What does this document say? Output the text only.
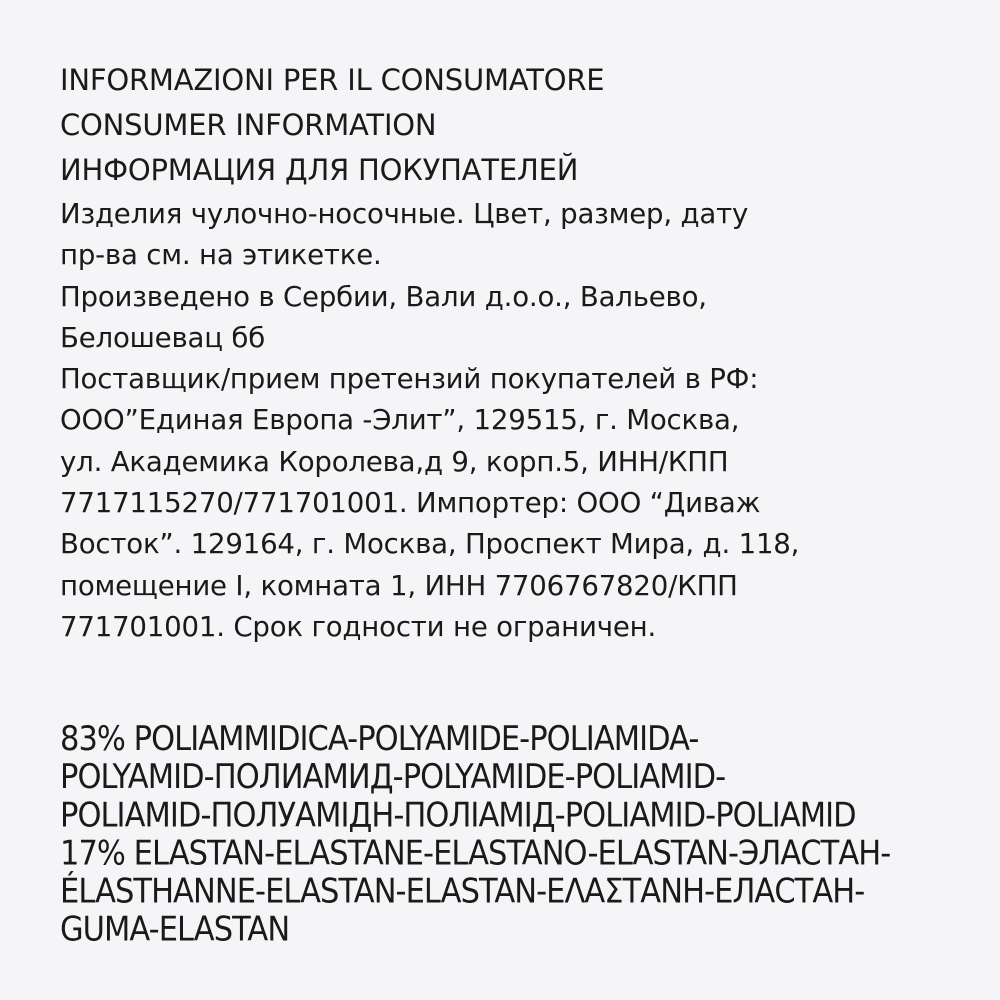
INFORMAZIONI PER IL CONSUMATORE
CONSUMER INFORMATION
ИНФОРМАЦИЯ ДЛЯ ПОКУПАТЕЛЕЙ
Изделия чулочно-носочные. Цвет, размер, дату
пр-ва см. на этикетке.
Произведено в Сербии, Вали д.о.о., Вальево,
Белошевац бб
Поставщик/прием претензий покупателей в РФ:
ООО”Единая Европа -Элит”, 129515, г. Москва,
ул. Академика Королева,д 9, корп.5, ИНН/КПП
7717115270/771701001. Импортер: ООО “Диваж
Восток”. 129164, г. Москва, Проспект Мира, д. 118,
помещение I, комната 1, ИНН 7706767820/КПП
771701001. Срок годности не ограничен.
83% POLIAMMIDICA-POLYAMIDE-POLIAMIDA-
POLYAMID-ПОЛИАМИД-POLYAMIDE-POLIAMID-
POLIAMID-ПОЛУАМІДН-ПОЛІАМІД-POLIAMID-POLIAMID
17% ELASTAN-ELASTANE-ELASTANO-ELASTAN-ЭЛАСТАН-
ÉLASTHANNE-ELASTAN-ELASTAN-ΕΛΑΣΤΑΝΗ-ЕЛАСТАН-
GUMA-ELASTAN
